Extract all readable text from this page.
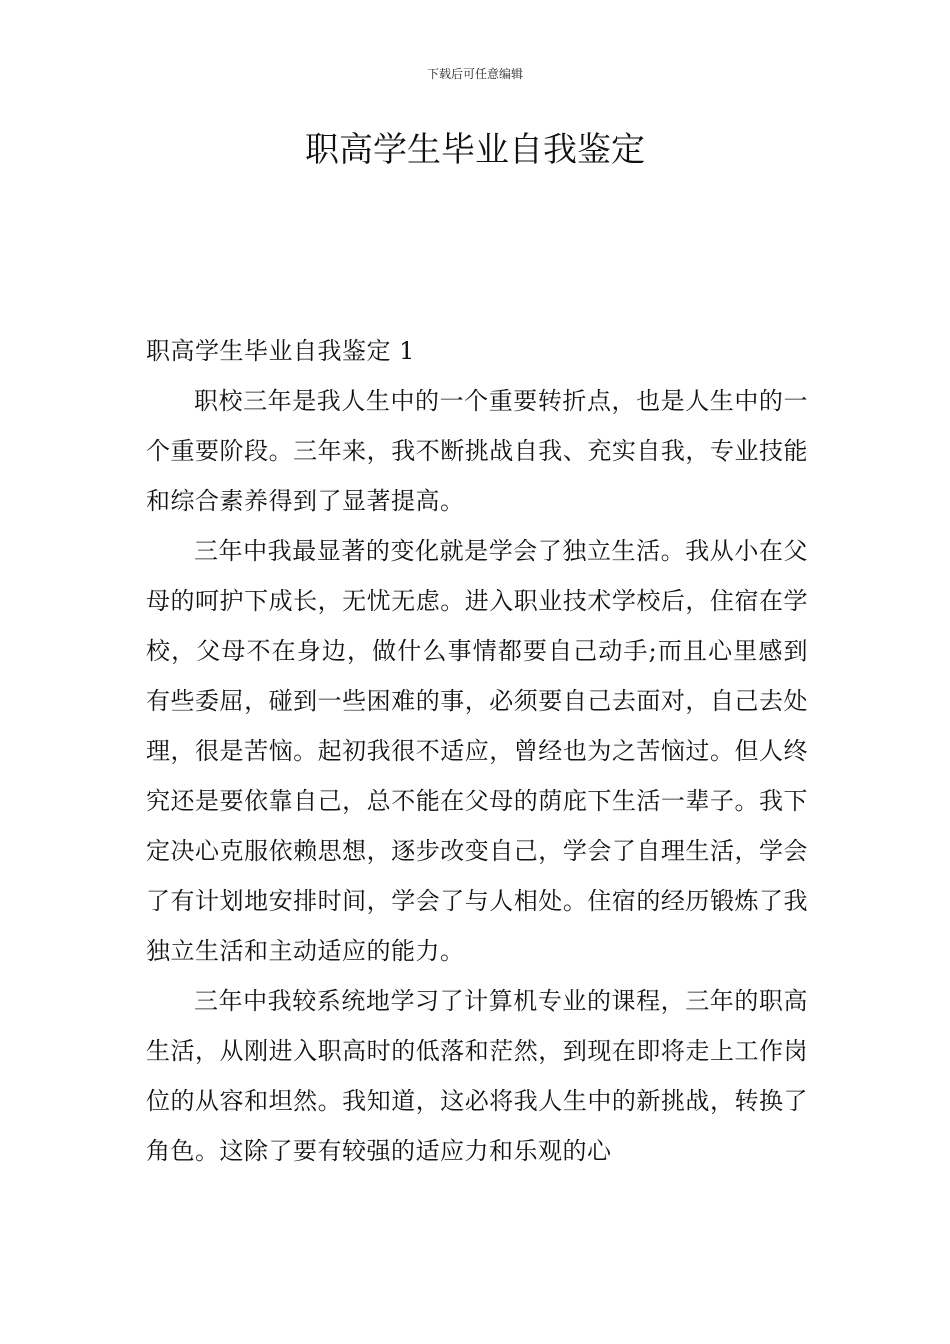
下载后可任意编辑
职高学生毕业自我鉴定
职高学生毕业自我鉴定 1

职校三年是我人生中的一个重要转折点，也是人生中的一个重要阶段。三年来，我不断挑战自我、充实自我，专业技能和综合素养得到了显著提高。

三年中我最显著的变化就是学会了独立生活。我从小在父母的呵护下成长，无忧无虑。进入职业技术学校后，住宿在学校，父母不在身边，做什么事情都要自己动手;而且心里感到有些委屈，碰到一些困难的事，必须要自己去面对，自己去处理，很是苦恼。起初我很不适应，曾经也为之苦恼过。但人终究还是要依靠自己，总不能在父母的荫庇下生活一辈子。我下定决心克服依赖思想，逐步改变自己，学会了自理生活，学会了有计划地安排时间，学会了与人相处。住宿的经历锻炼了我独立生活和主动适应的能力。

三年中我较系统地学习了计算机专业的课程，三年的职高生活，从刚进入职高时的低落和茫然，到现在即将走上工作岗位的从容和坦然。我知道，这必将我人生中的新挑战，转换了角色。这除了要有较强的适应力和乐观的心
